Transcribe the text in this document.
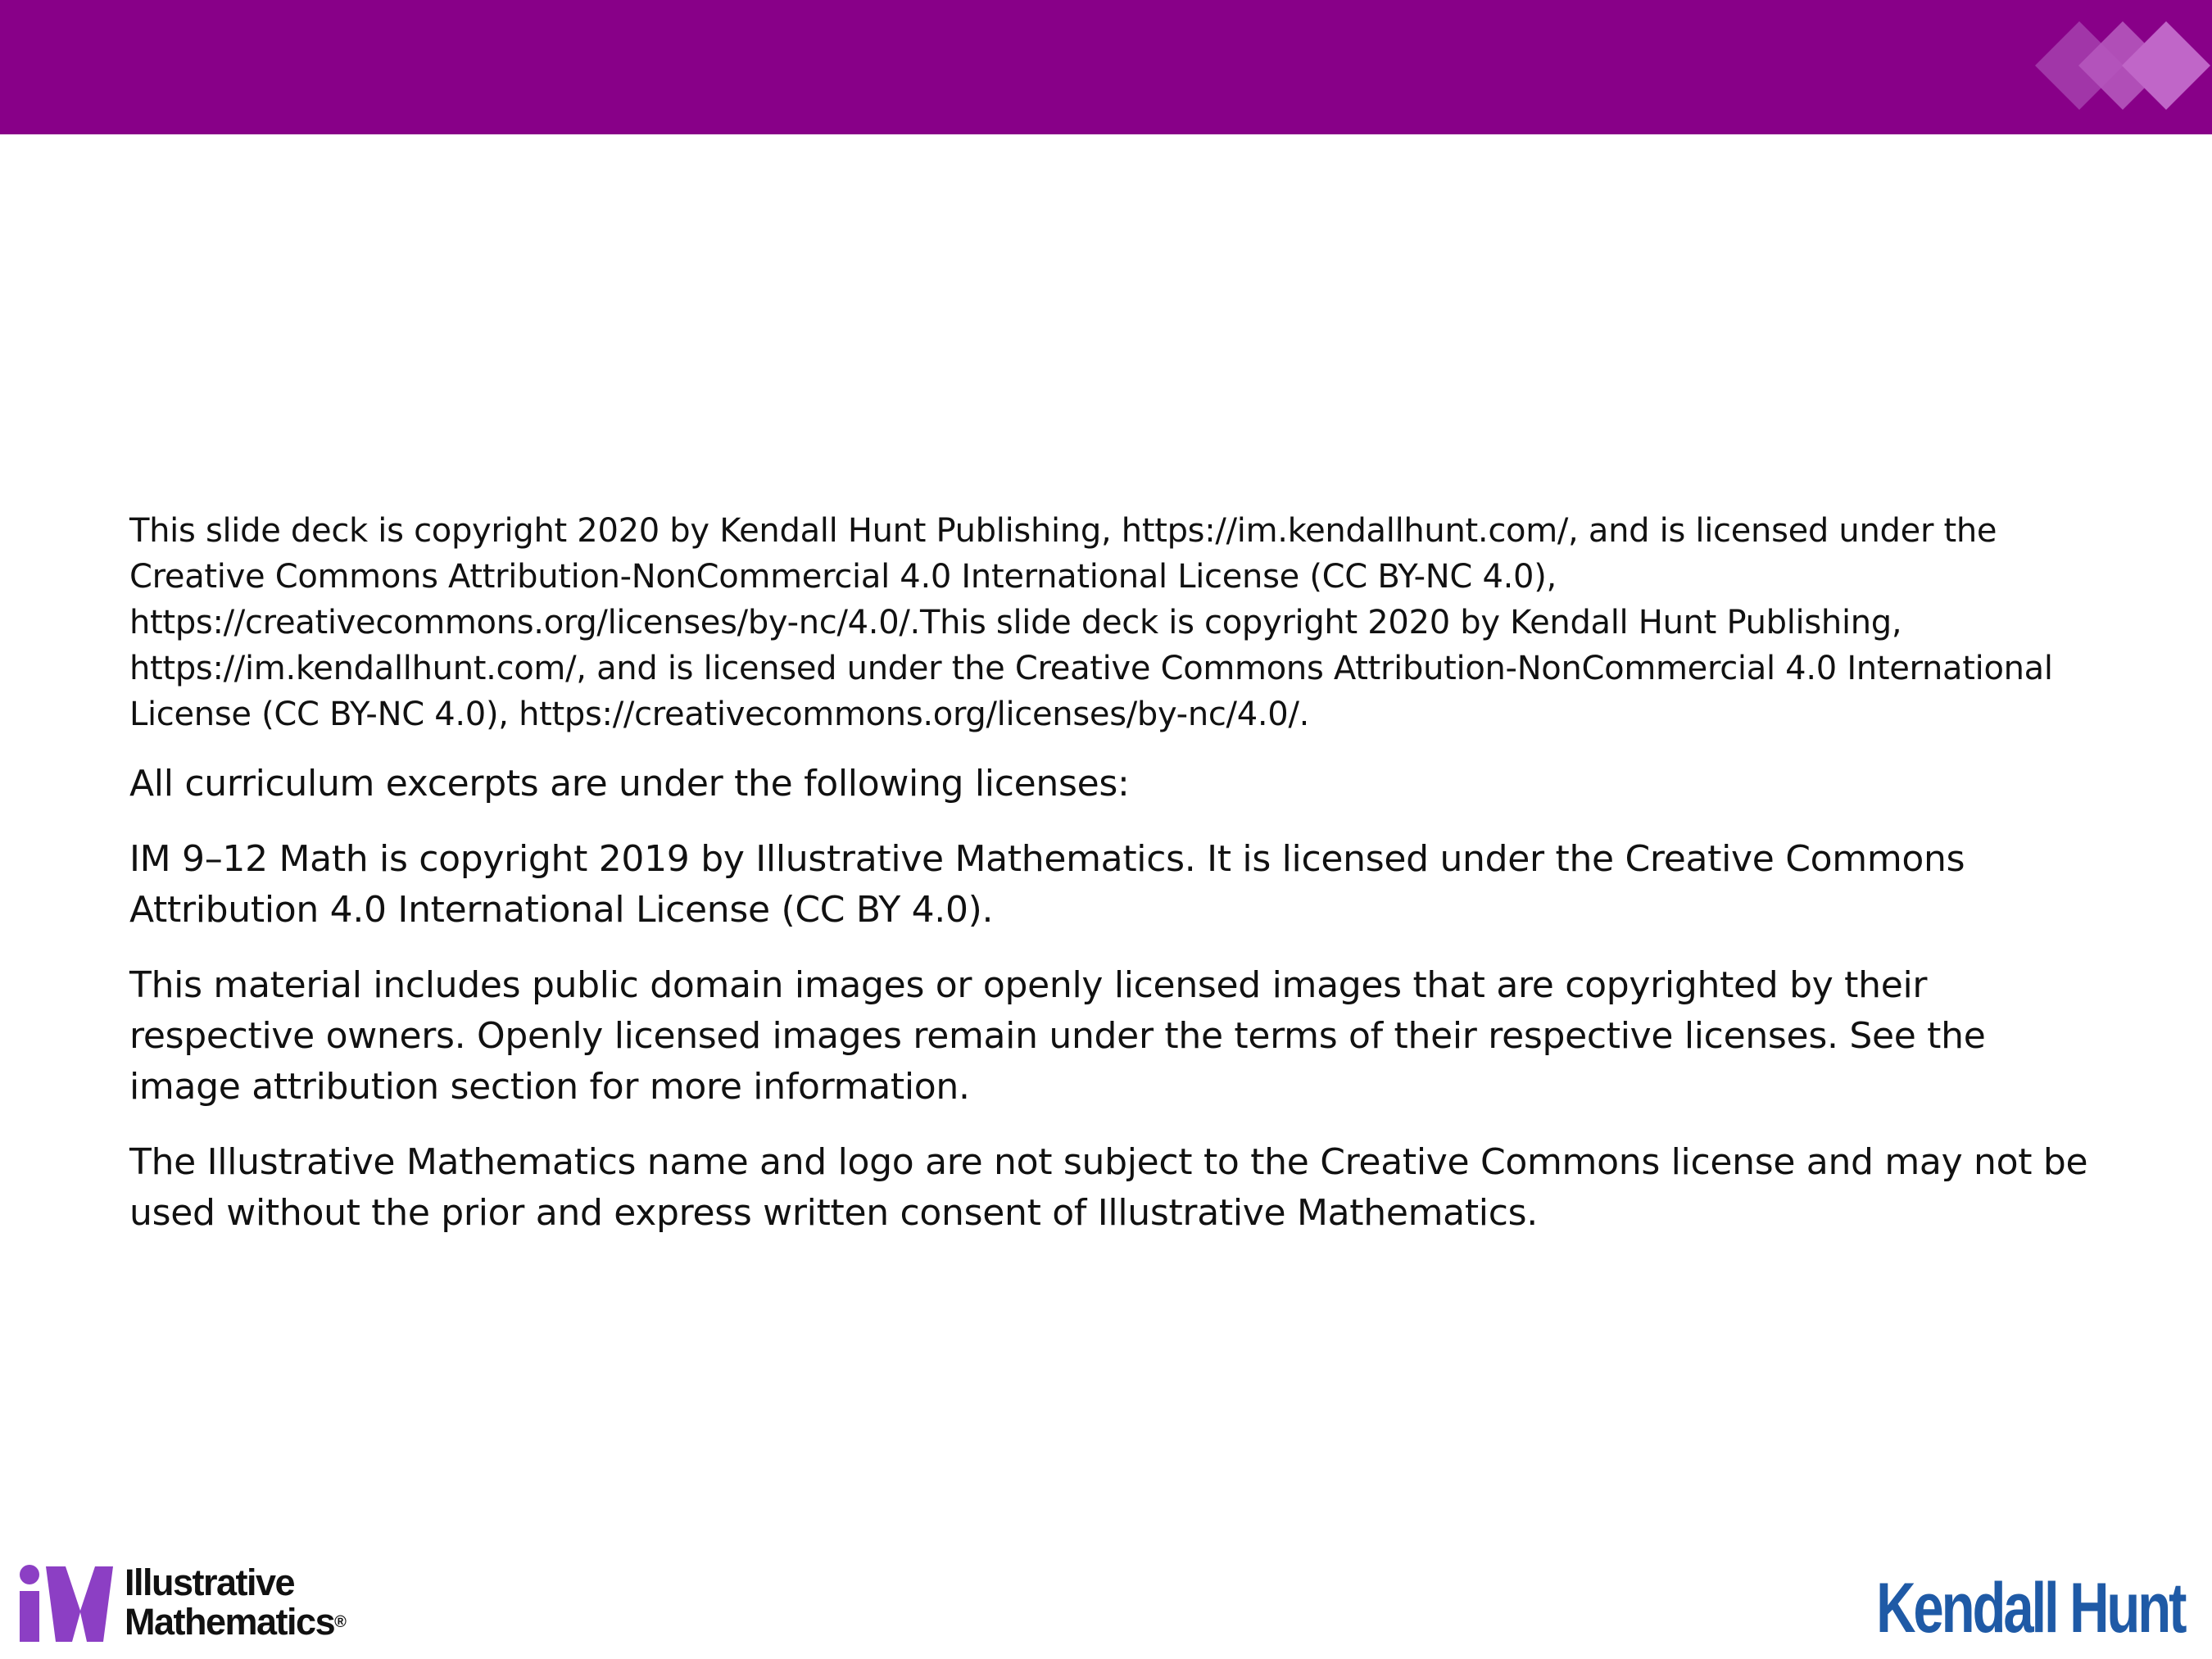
This slide deck is copyright 2020 by Kendall Hunt Publishing, https://im.kendallhunt.com/, and is licensed under the Creative Commons Attribution-NonCommercial 4.0 International License (CC BY-NC 4.0), https://creativecommons.org/licenses/by-nc/4.0/.This slide deck is copyright 2020 by Kendall Hunt Publishing, https://im.kendallhunt.com/, and is licensed under the Creative Commons Attribution-NonCommercial 4.0 International License (CC BY-NC 4.0), https://creativecommons.org/licenses/by-nc/4.0/.

All curriculum excerpts are under the following licenses:

IM 9–12 Math is copyright 2019 by Illustrative Mathematics. It is licensed under the Creative Commons Attribution 4.0 International License (CC BY 4.0).

This material includes public domain images or openly licensed images that are copyrighted by their respective owners. Openly licensed images remain under the terms of their respective licenses. See the image attribution section for more information.

The Illustrative Mathematics name and logo are not subject to the Creative Commons license and may not be used without the prior and express written consent of Illustrative Mathematics.

Illustrative
Mathematics®	Kendall Hunt
